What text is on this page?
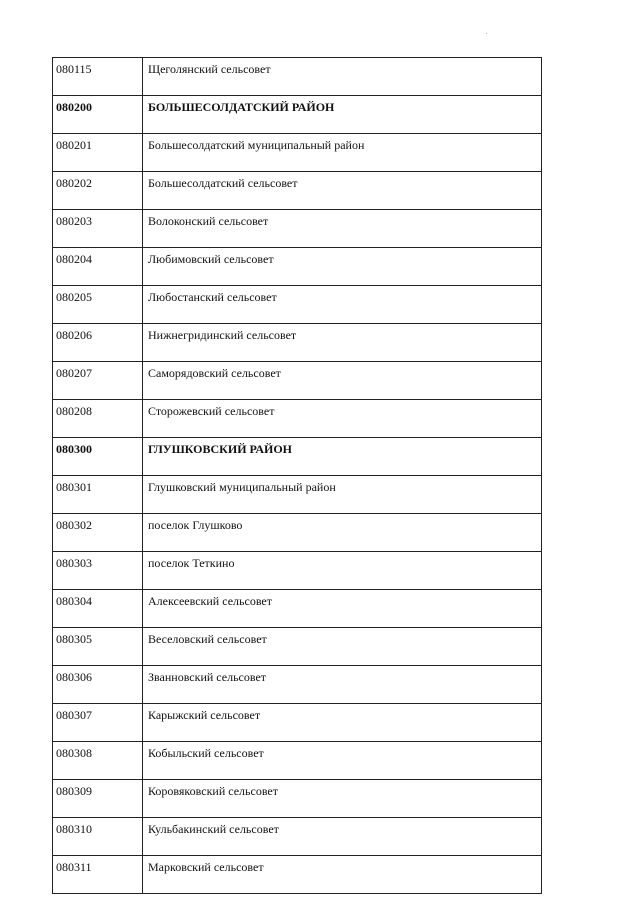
080115	Щеголянский сельсовет
080200	БОЛЬШЕСОЛДАТСКИЙ РАЙОН
080201	Большесолдатский муниципальный район
080202	Большесолдатский сельсовет
080203	Волоконский сельсовет
080204	Любимовский сельсовет
080205	Любостанский сельсовет
080206	Нижнегридинский сельсовет
080207	Саморядовский сельсовет
080208	Сторожевский сельсовет
080300	ГЛУШКОВСКИЙ РАЙОН
080301	Глушковский муниципальный район
080302	поселок Глушково
080303	поселок Теткино
080304	Алексеевский сельсовет
080305	Веселовский сельсовет
080306	Званновский сельсовет
080307	Карыжский сельсовет
080308	Кобыльский сельсовет
080309	Коровяковский сельсовет
080310	Кульбакинский сельсовет
080311	Марковский сельсовет
